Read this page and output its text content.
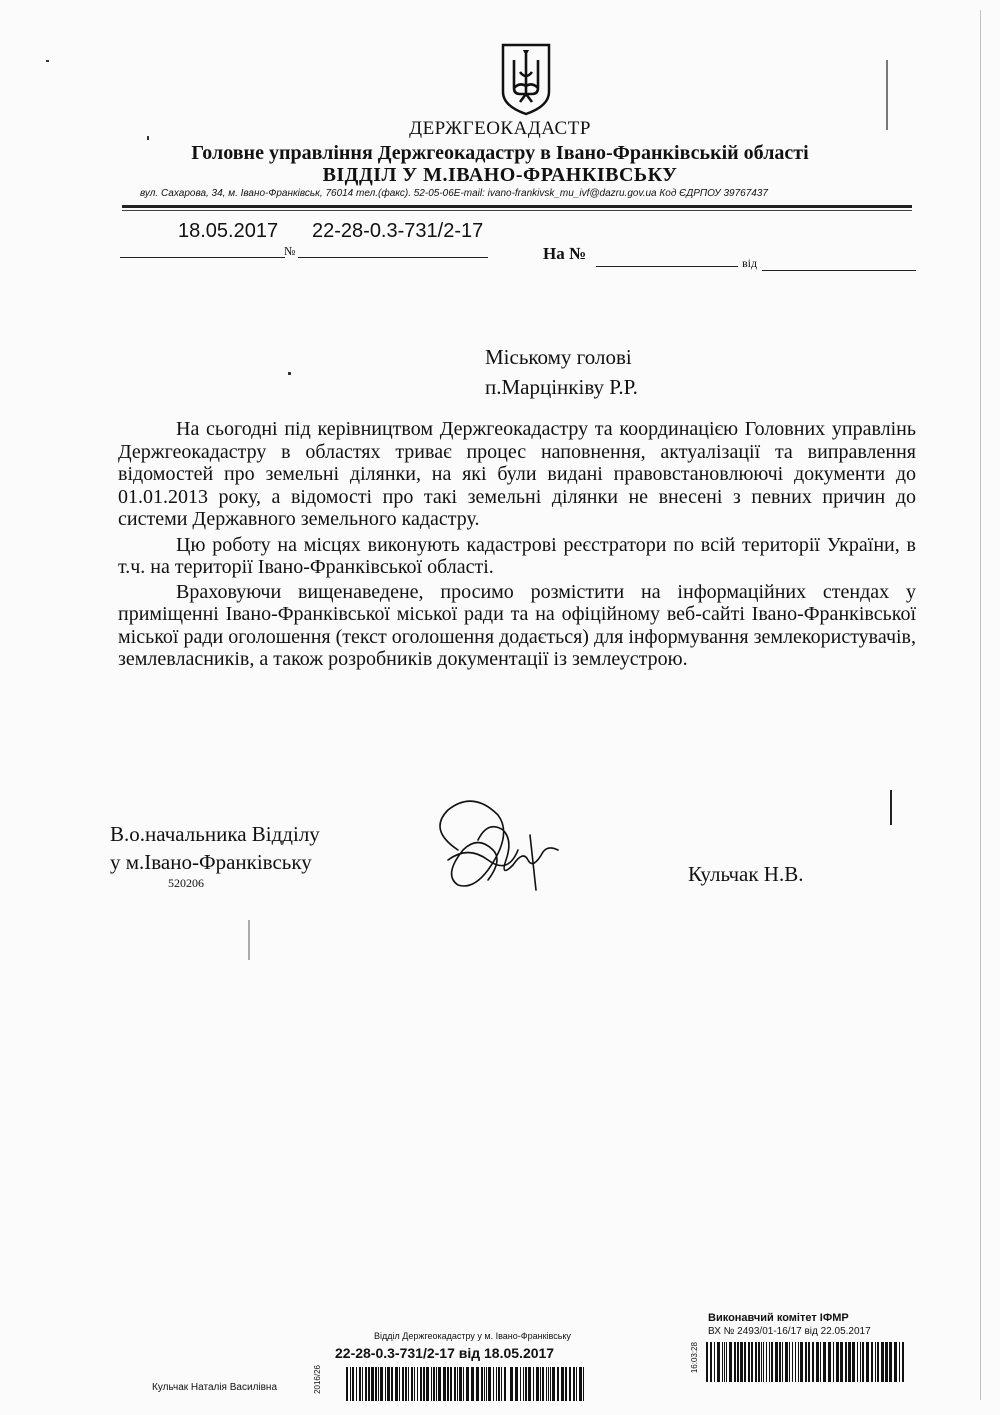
ДЕРЖГЕОКАДАСТР
Головне управління Держгеокадастру в Івано-Франківській області
ВІДДІЛ У М.ІВАНО-ФРАНКІВСЬКУ
вул. Сахарова, 34, м. Івано-Франківськ, 76014 тел.(факс). 52-05-06E-mail: ivano-frankivsk_mu_ivf@dazru.gov.ua Код ЄДРПОУ 39767437
18.05.2017 22-28-0.3-731/2-17
№	На №	від
Міському голові
п.Марцінківу Р.Р.

На сьогодні під керівництвом Держгеокадастру та координацією Головних управлінь Держгеокадастру в областях триває процес наповнення, актуалізації та виправлення відомостей про земельні ділянки, на які були видані правовстановлюючі документи до 01.01.2013 року, а відомості про такі земельні ділянки не внесені з певних причин до системи Державного земельного кадастру.

Цю роботу на місцях виконують кадастрові реєстратори по всій території України, в т.ч. на території Івано-Франківської області.

Враховуючи вищенаведене, просимо розмістити на інформаційних стендах у приміщенні Івано-Франківської міської ради та на офіційному веб-сайті Івано-Франківської міської ради оголошення (текст оголошення додається) для інформування землекористувачів, землевласників, а також розробників документації із землеустрою.

В.о.начальника Відділу
у м.Івано-Франківську
520206	Кульчак Н.В.
Відділ Держгеокадастру у м. Івано-Франківську
22-28-0.3-731/2-17 від 18.05.2017
2016/26
Кульчак Наталія Василівна
Виконавчий комітет ІФМР
ВХ № 2493/01-16/17 від 22.05.2017
16:03:28
